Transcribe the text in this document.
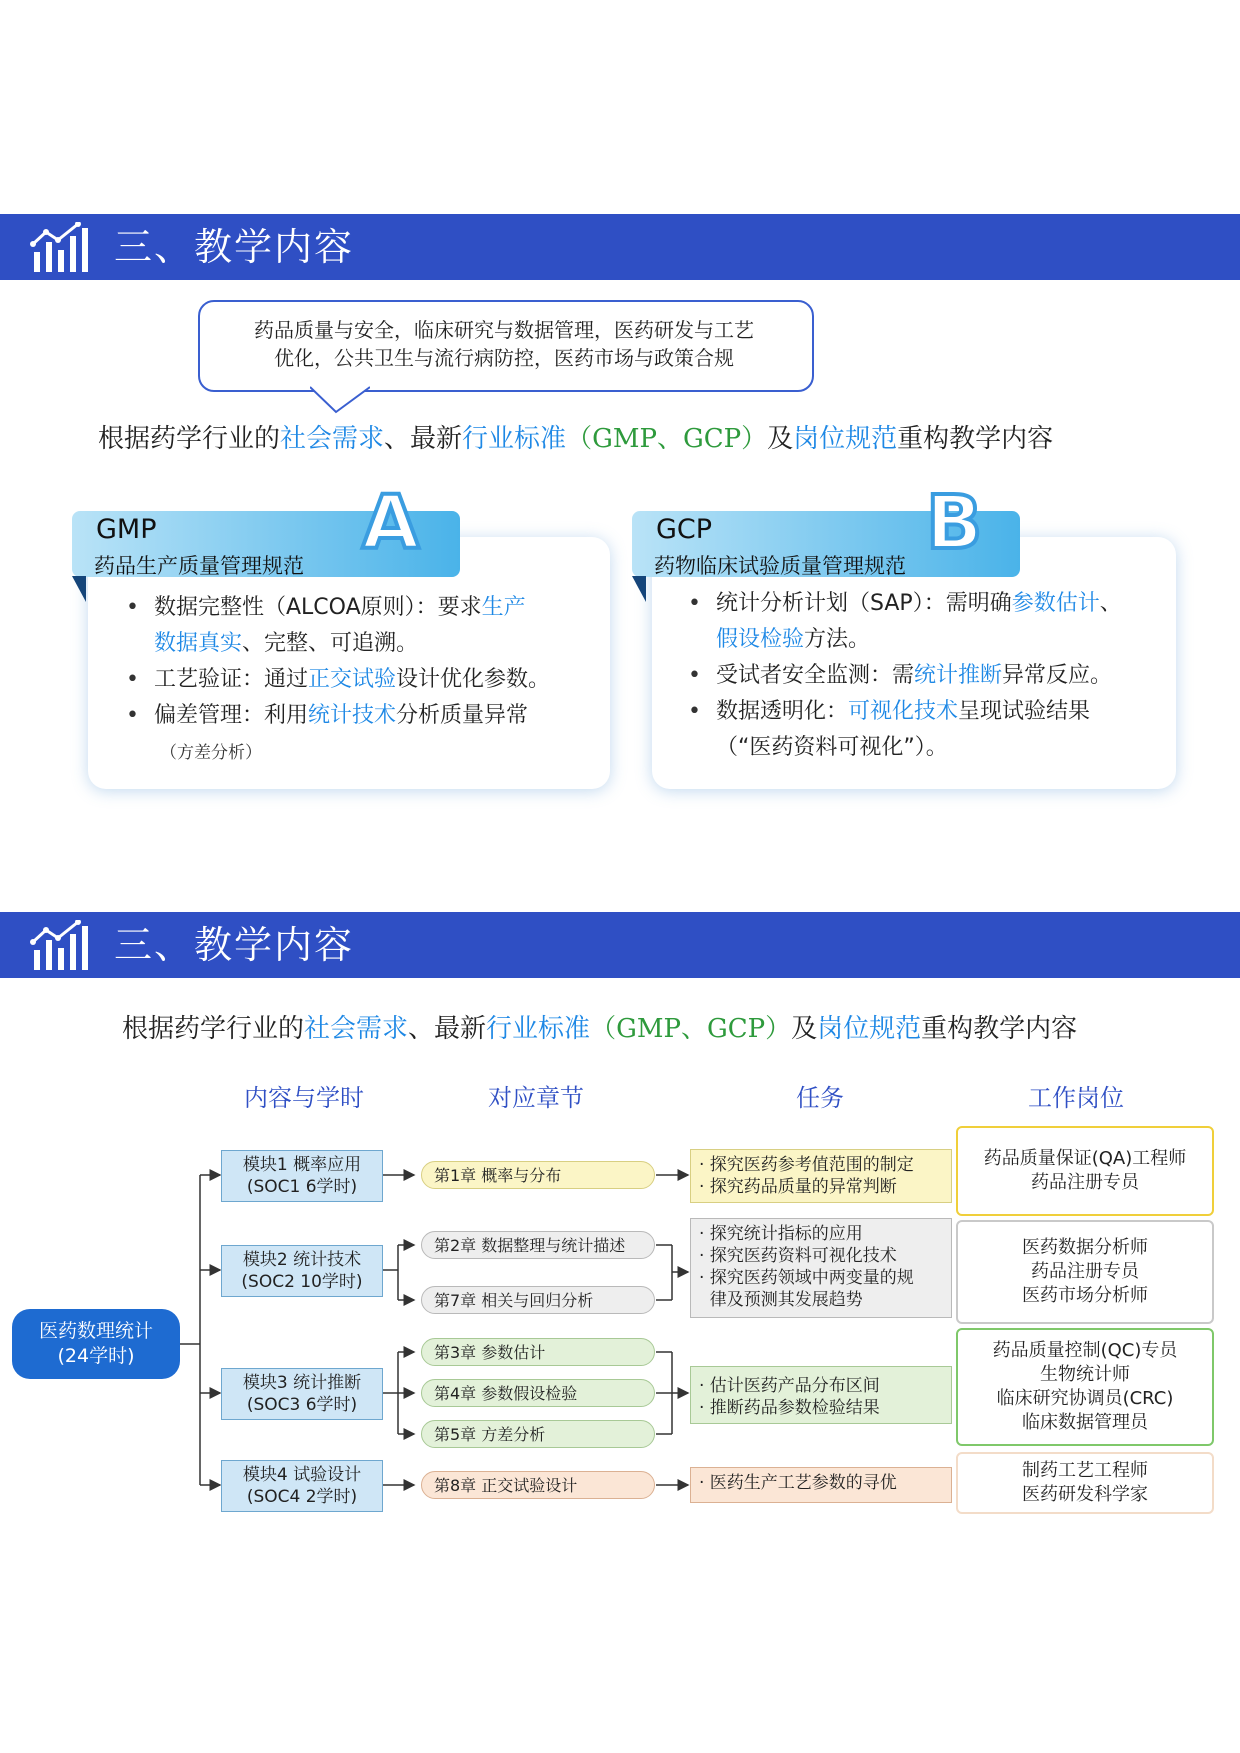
三、教学内容
药品质量与安全，临床研究与数据管理，医药研发与工艺
优化，公共卫生与流行病防控，医药市场与政策合规
根据药学行业的社会需求、最新行业标准（GMP、GCP）及岗位规范重构教学内容
A
GMP
药品生产质量管理规范
• 数据完整性（ALCOA原则）：要求生产
数据真实、完整、可追溯。
• 工艺验证：通过正交试验设计优化参数。
• 偏差管理：利用统计技术分析质量异常
（方差分析）
B
GCP
药物临床试验质量管理规范
• 统计分析计划（SAP）：需明确参数估计、
假设检验方法。
• 受试者安全监测：需统计推断异常反应。
• 数据透明化：可视化技术呈现试验结果
（“医药资料可视化”）。
三、教学内容
根据药学行业的社会需求、最新行业标准（GMP、GCP）及岗位规范重构教学内容
内容与学时	对应章节	任务	工作岗位
医药数理统计
(24学时)
模块1 概率应用
(SOC1 6学时)
模块2 统计技术
(SOC2 10学时)
模块3 统计推断
(SOC3 6学时)
模块4 试验设计
(SOC4 2学时)
第1章 概率与分布
第2章 数据整理与统计描述
第7章 相关与回归分析
第3章 参数估计
第4章 参数假设检验
第5章 方差分析
第8章 正交试验设计
· 探究医药参考值范围的制定
· 探究药品质量的异常判断
· 探究统计指标的应用
· 探究医药资料可视化技术
· 探究医药领域中两变量的规
律及预测其发展趋势
· 估计医药产品分布区间
· 推断药品参数检验结果
· 医药生产工艺参数的寻优
药品质量保证(QA)工程师
药品注册专员
医药数据分析师
药品注册专员
医药市场分析师
药品质量控制(QC)专员
生物统计师
临床研究协调员(CRC)
临床数据管理员
制药工艺工程师
医药研发科学家
